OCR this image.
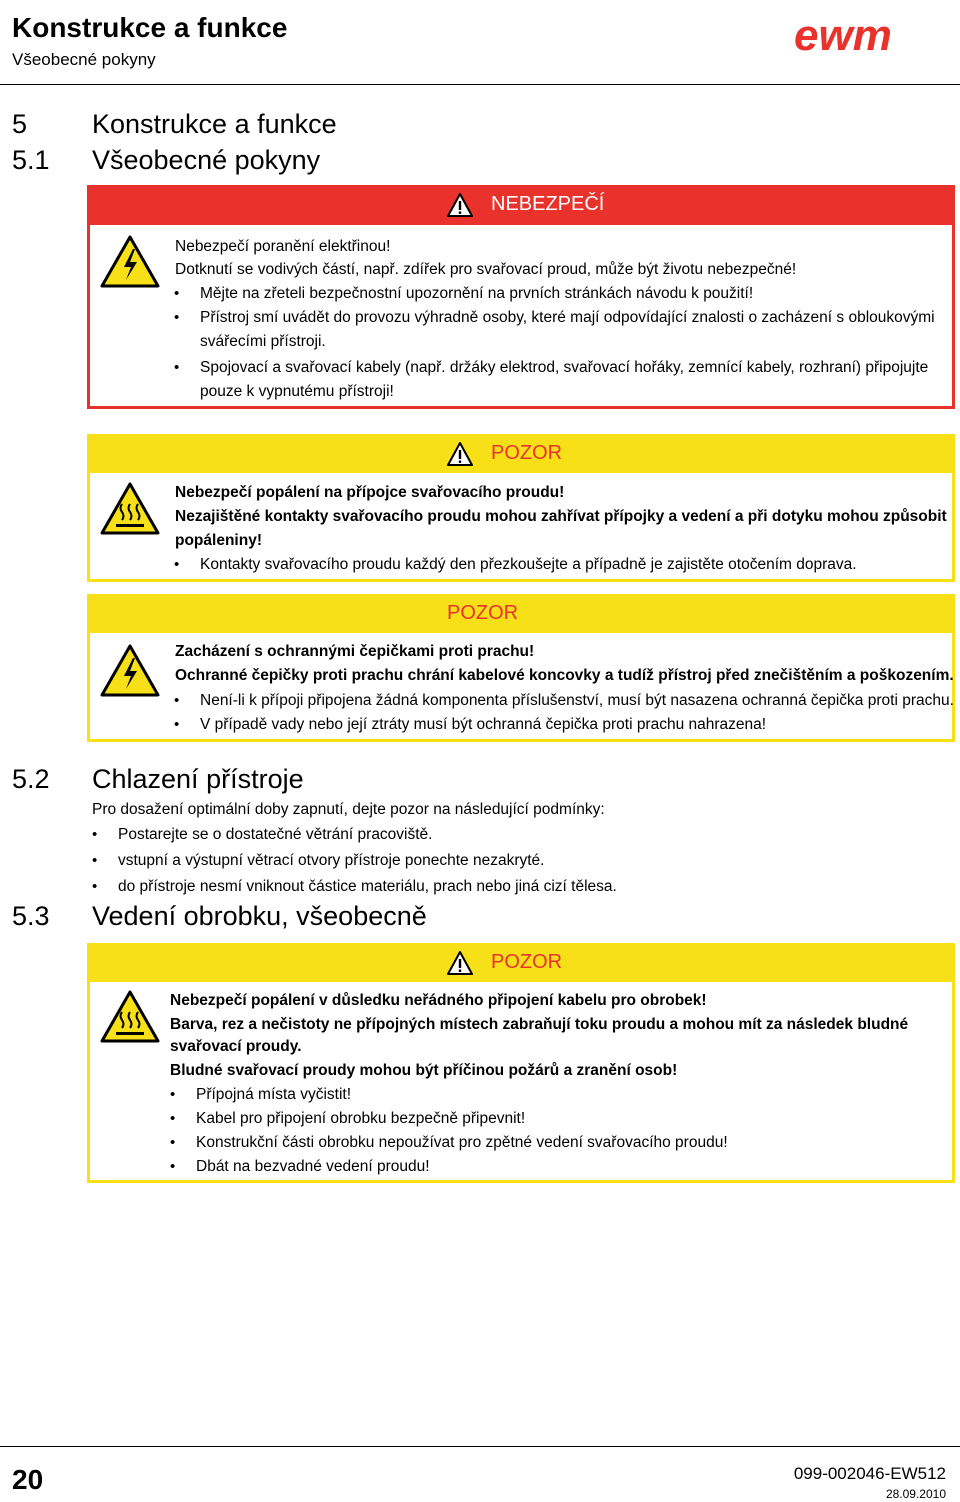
Konstrukce a funkce
Všeobecné pokyny	ewm
5 Konstrukce a funkce
5.1 Všeobecné pokyny
NEBEZPEČÍ
Nebezpečí poranění elektřinou!
Dotknutí se vodivých částí, např. zdířek pro svařovací proud, může být životu nebezpečné!
• Mějte na zřeteli bezpečnostní upozornění na prvních stránkách návodu k použití!
• Přístroj smí uvádět do provozu výhradně osoby, které mají odpovídající znalosti o zacházení s obloukovými
svářecími přístroji.
• Spojovací a svařovací kabely (např. držáky elektrod, svařovací hořáky, zemnící kabely, rozhraní) připojujte
pouze k vypnutému přístroji!
POZOR
Nebezpečí popálení na přípojce svařovacího proudu!
Nezajištěné kontakty svařovacího proudu mohou zahřívat přípojky a vedení a při dotyku mohou způsobit
popáleniny!
• Kontakty svařovacího proudu každý den přezkoušejte a případně je zajistěte otočením doprava.
POZOR
Zacházení s ochrannými čepičkami proti prachu!
Ochranné čepičky proti prachu chrání kabelové koncovky a tudíž přístroj před znečištěním a poškozením.
• Není-li k přípoji připojena žádná komponenta příslušenství, musí být nasazena ochranná čepička proti prachu.
• V případě vady nebo její ztráty musí být ochranná čepička proti prachu nahrazena!
5.2 Chlazení přístroje
Pro dosažení optimální doby zapnutí, dejte pozor na následující podmínky:
• Postarejte se o dostatečné větrání pracoviště.
• vstupní a výstupní větrací otvory přístroje ponechte nezakryté.
• do přístroje nesmí vniknout částice materiálu, prach nebo jiná cizí tělesa.
5.3 Vedení obrobku, všeobecně
POZOR
Nebezpečí popálení v důsledku neřádného připojení kabelu pro obrobek!
Barva, rez a nečistoty ne přípojných místech zabraňují toku proudu a mohou mít za následek bludné
svařovací proudy.
Bludné svařovací proudy mohou být příčinou požárů a zranění osob!
• Přípojná místa vyčistit!
• Kabel pro připojení obrobku bezpečně připevnit!
• Konstrukční části obrobku nepoužívat pro zpětné vedení svařovacího proudu!
• Dbát na bezvadné vedení proudu!
20	099-002046-EW512
28.09.2010
